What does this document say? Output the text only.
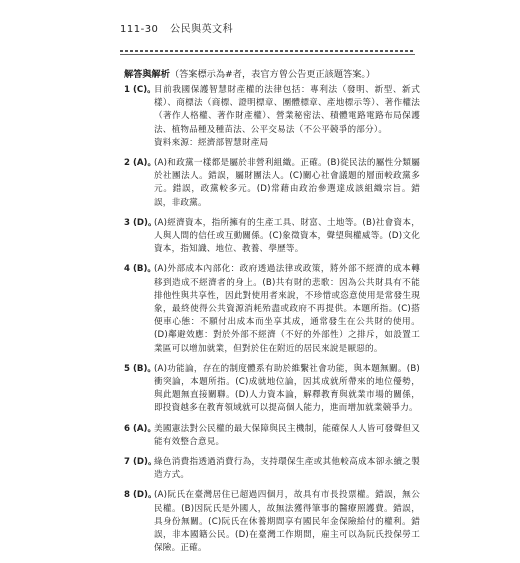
111-30 公民與英文科
解答與解析（答案標示為#者，表官方曾公告更正該題答案。）
1 (C)。
目前我國保護智慧財產權的法律包括：專利法（發明、新型、新式樣）、商標法（商標、證明標章、團體標章、產地標示等）、著作權法（著作人格權、著作財產權）、營業秘密法、積體電路電路布局保護法、植物品種及種苗法、公平交易法（不公平競爭的部分）。
資料來源：經濟部智慧財產局
2 (A)。
(A)和政黨一樣都是屬於非營利組織。正確。(B)從民法的屬性分類屬於社團法人。錯誤，屬財團法人。(C)關心社會議題的層面較政黨多元。錯誤，政黨較多元。(D)常藉由政治參選達成該組織宗旨。錯誤，非政黨。
3 (D)。
(A)經濟資本，指所擁有的生產工具、財富、土地等。(B)社會資本，人與人間的信任或互動關係。(C)象徵資本，聲望與權威等。(D)文化資本，指知識、地位、教養、學歷等。
4 (B)。
(A)外部成本內部化：政府透過法律或政策，將外部不經濟的成本轉移到造成不經濟者的身上。(B)共有財的悲歌：因為公共財具有不能排他性與共享性，因此對使用者來說，不珍惜或恣意使用是常發生現象，最終使得公共資源消耗殆盡或政府不再提供。本題所指。(C)搭便車心態：不願付出成本而坐享其成，通常發生在公共財的使用。(D)鄰避效應：對於外部不經濟（不好的外部性）之排斥，如設置工業區可以增加就業，但對於住在附近的居民來說是厭惡的。
5 (B)。
(A)功能論，存在的制度體系有助於維繫社會功能，與本題無關。(B)衝突論，本題所指。(C)成就地位論，因其成就所帶來的地位優勢，與此題無直接關聯。(D)人力資本論，解釋教育與就業市場的關係，即投資越多在教育領域就可以提高個人能力，進而增加就業競爭力。
6 (A)。
美國憲法對公民權的最大保障與民主機制，能確保人人皆可發聲但又能有效整合意見。
7 (D)。
綠色消費指透過消費行為，支持環保生產或其他較高成本卻永續之製造方式。
8 (D)。
(A)阮氏在臺灣居住已超過四個月，故具有市長投票權。錯誤，無公民權。(B)因阮氏是外國人，故無法獲得筆事的醫療照護費。錯誤，具身份無關。(C)阮氏在休養期間享有國民年金保險給付的權利。錯誤，非本國籍公民。(D)在臺灣工作期間，雇主可以為阮氏投保勞工保險。正確。
